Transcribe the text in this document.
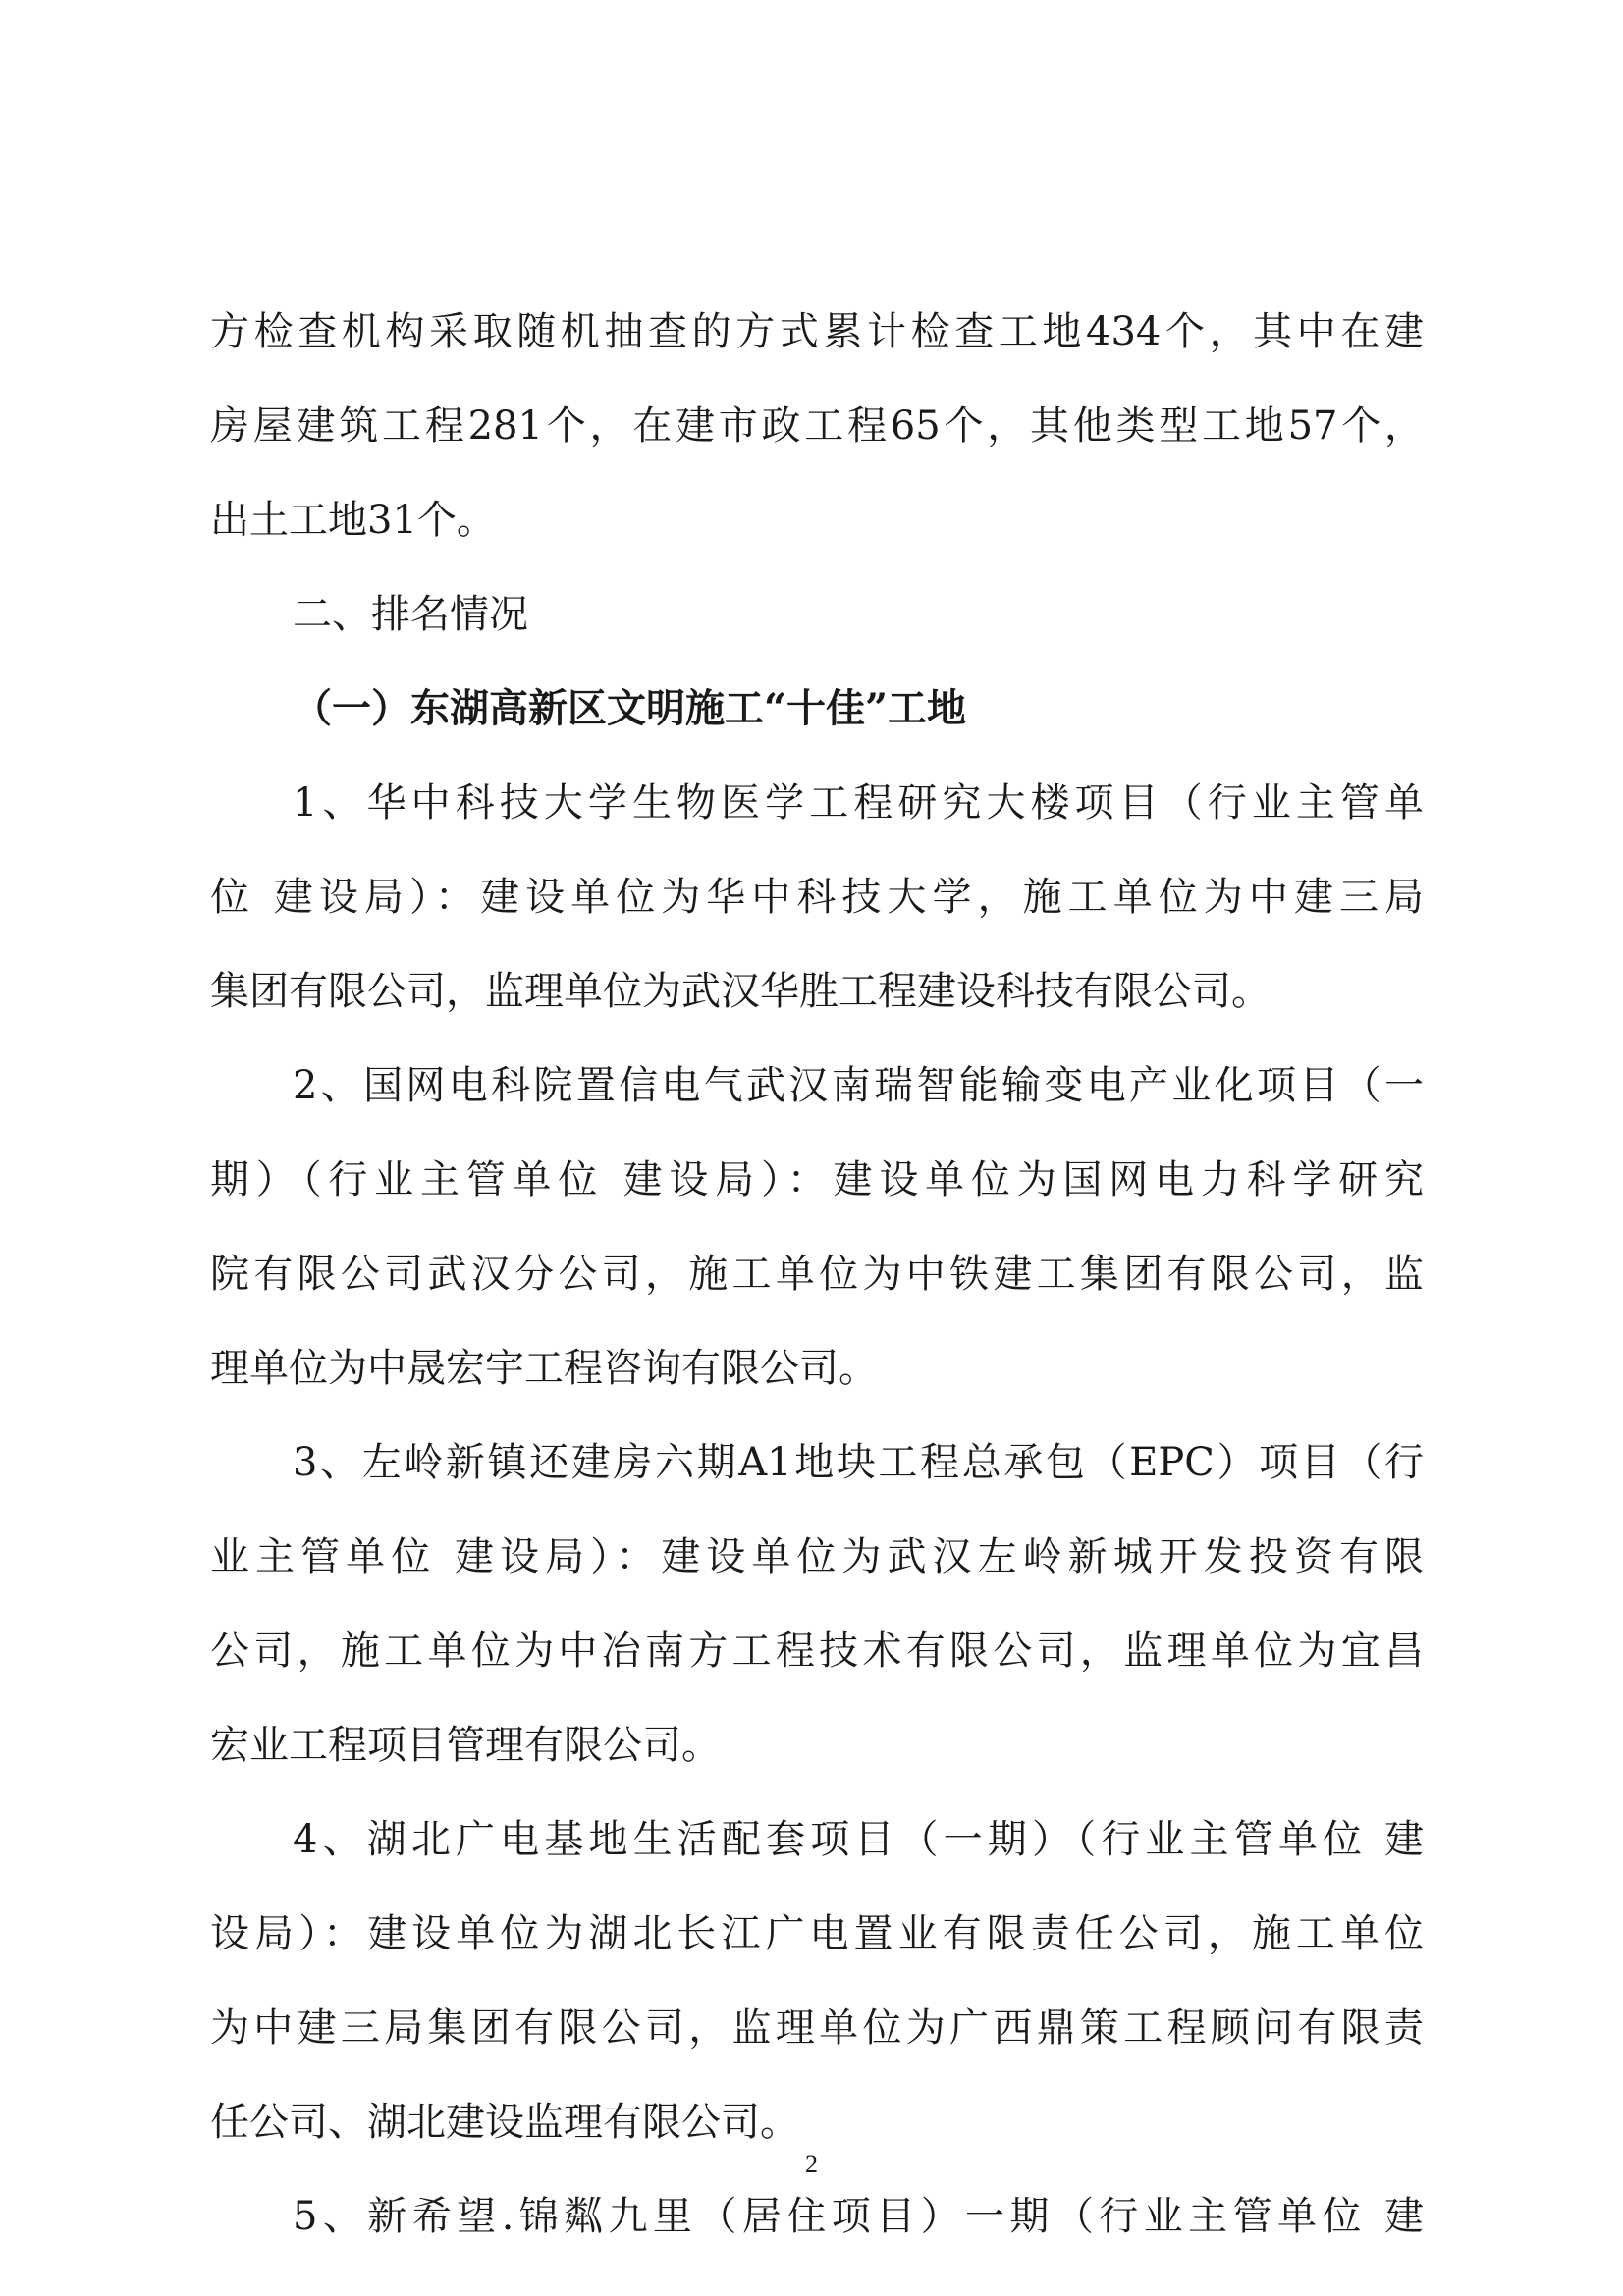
方检查机构采取随机抽查的方式累计检查工地434个，其中在建
房屋建筑工程281个，在建市政工程65个，其他类型工地57个，
出土工地31个。
二、排名情况
（一）东湖高新区文明施工“十佳”工地
1、华中科技大学生物医学工程研究大楼项目（行业主管单
位 建设局）：建设单位为华中科技大学，施工单位为中建三局
集团有限公司，监理单位为武汉华胜工程建设科技有限公司。
2、国网电科院置信电气武汉南瑞智能输变电产业化项目（一
期）（行业主管单位 建设局）：建设单位为国网电力科学研究
院有限公司武汉分公司，施工单位为中铁建工集团有限公司，监
理单位为中晟宏宇工程咨询有限公司。
3、左岭新镇还建房六期A1地块工程总承包（EPC）项目（行
业主管单位 建设局）：建设单位为武汉左岭新城开发投资有限
公司，施工单位为中冶南方工程技术有限公司，监理单位为宜昌
宏业工程项目管理有限公司。
4、湖北广电基地生活配套项目（一期）（行业主管单位 建
设局）：建设单位为湖北长江广电置业有限责任公司，施工单位
为中建三局集团有限公司，监理单位为广西鼎策工程顾问有限责
任公司、湖北建设监理有限公司。
5、新希望.锦粼九里（居住项目）一期（行业主管单位 建
2
